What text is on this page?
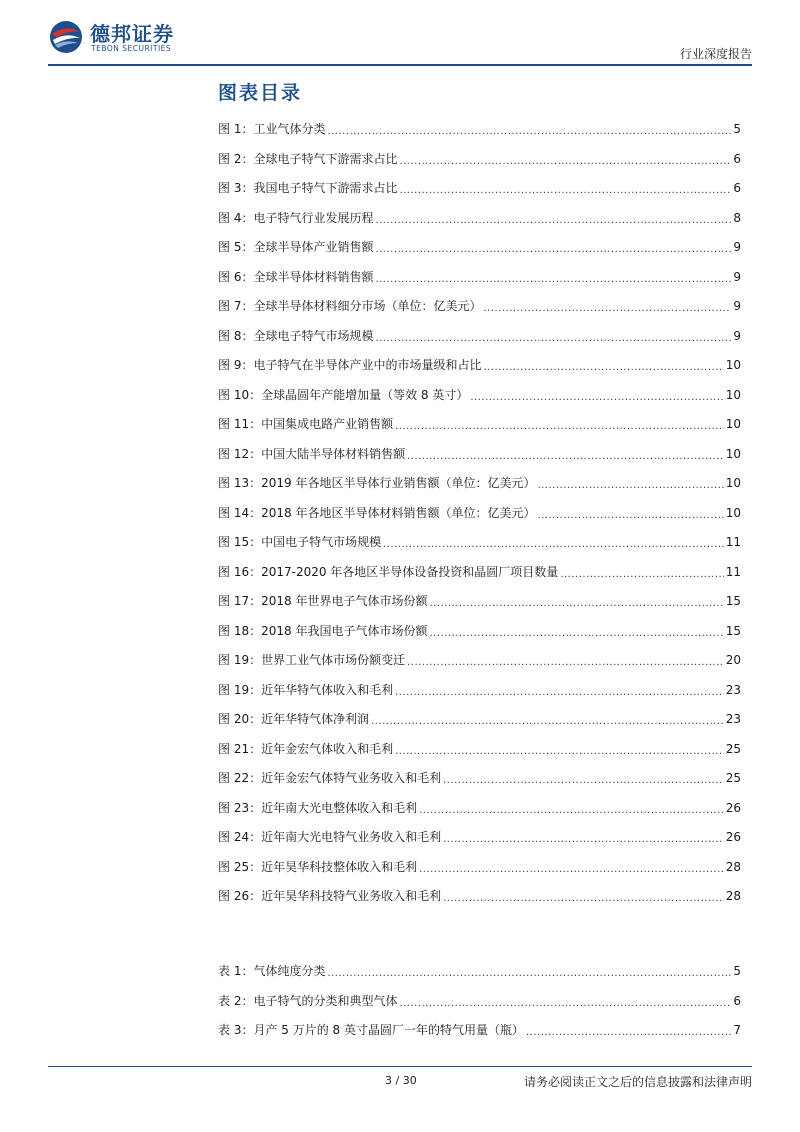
德邦证券
TEBON SECURITIES	行业深度报告
图表目录
图 1：工业气体分类 .....	5
图 2：全球电子特气下游需求占比 .....	6
图 3：我国电子特气下游需求占比 .....	6
图 4：电子特气行业发展历程 .....	8
图 5：全球半导体产业销售额 .....	9
图 6：全球半导体材料销售额 .....	9
图 7：全球半导体材料细分市场（单位：亿美元） .....	9
图 8：全球电子特气市场规模 .....	9
图 9：电子特气在半导体产业中的市场量级和占比 .....	10
图 10：全球晶圆年产能增加量（等效 8 英寸） .....	10
图 11：中国集成电路产业销售额 .....	10
图 12：中国大陆半导体材料销售额 .....	10
图 13：2019 年各地区半导体行业销售额（单位：亿美元） .....	10
图 14：2018 年各地区半导体材料销售额（单位：亿美元） .....	10
图 15：中国电子特气市场规模 .....	11
图 16：2017-2020 年各地区半导体设备投资和晶圆厂项目数量 .....	11
图 17：2018 年世界电子气体市场份额 .....	15
图 18：2018 年我国电子气体市场份额 .....	15
图 19：世界工业气体市场份额变迁 .....	20
图 19：近年华特气体收入和毛利 .....	23
图 20：近年华特气体净利润 .....	23
图 21：近年金宏气体收入和毛利 .....	25
图 22：近年金宏气体特气业务收入和毛利 .....	25
图 23：近年南大光电整体收入和毛利 .....	26
图 24：近年南大光电特气业务收入和毛利 .....	26
图 25：近年昊华科技整体收入和毛利 .....	28
图 26：近年昊华科技特气业务收入和毛利 .....	28
表 1：气体纯度分类 .....	5
表 2：电子特气的分类和典型气体 .....	6
表 3：月产 5 万片的 8 英寸晶圆厂一年的特气用量（瓶） .....	7
3 / 30	请务必阅读正文之后的信息披露和法律声明
